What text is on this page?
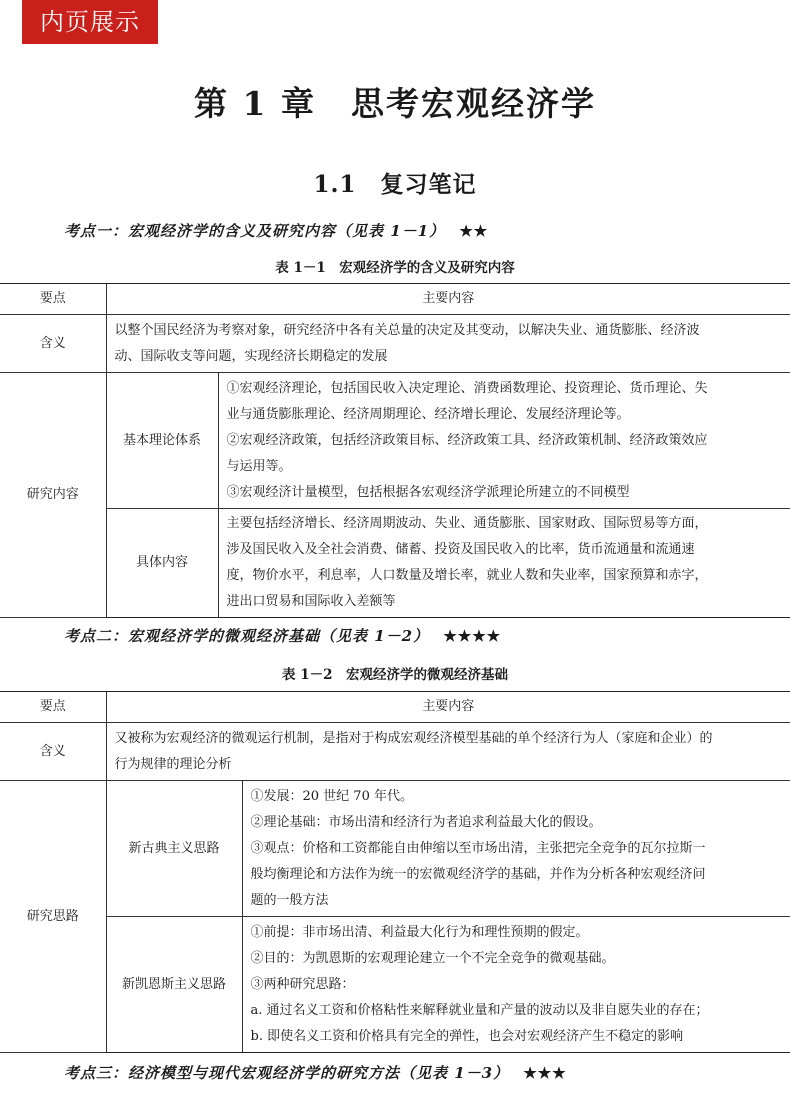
内页展示
第 1 章　思考宏观经济学
1.1　复习笔记
考点一：宏观经济学的含义及研究内容（见表 1－1） ★★
表 1－1　宏观经济学的含义及研究内容
要点	主要内容	
含义	以整个国民经济为考察对象，研究经济中各有关总量的决定及其变动，以解决失业、通货膨胀、经济波
动、国际收支等问题，实现经济长期稳定的发展	

研究内容	基本理论体系	①宏观经济理论，包括国民收入决定理论、消费函数理论、投资理论、货币理论、失
业与通货膨胀理论、经济周期理论、经济增长理论、发展经济理论等。
②宏观经济政策，包括经济政策目标、经济政策工具、经济政策机制、经济政策效应
与运用等。
③宏观经济计量模型，包括根据各宏观经济学派理论所建立的不同模型

	具体内容	主要包括经济增长、经济周期波动、失业、通货膨胀、国家财政、国际贸易等方面，
涉及国民收入及全社会消费、储蓄、投资及国民收入的比率，货币流通量和流通速
度，物价水平，利息率，人口数量及增长率，就业人数和失业率，国家预算和赤字，
进出口贸易和国际收入差额等
考点二：宏观经济学的微观经济基础（见表 1－2） ★★★★
表 1－2　宏观经济学的微观经济基础
要点	主要内容	
含义	又被称为宏观经济的微观运行机制，是指对于构成宏观经济模型基础的单个经济行为人（家庭和企业）的
行为规律的理论分析	

研究思路	新古典主义思路	①发展：20 世纪 70 年代。
②理论基础：市场出清和经济行为者追求利益最大化的假设。
③观点：价格和工资都能自由伸缩以至市场出清，主张把完全竞争的瓦尔拉斯一
般均衡理论和方法作为统一的宏微观经济学的基础，并作为分析各种宏观经济问
题的一般方法

	新凯恩斯主义思路	①前提：非市场出清、利益最大化行为和理性预期的假定。
②目的：为凯恩斯的宏观理论建立一个不完全竞争的微观基础。
③两种研究思路：
a. 通过名义工资和价格粘性来解释就业量和产量的波动以及非自愿失业的存在；
b. 即使名义工资和价格具有完全的弹性，也会对宏观经济产生不稳定的影响
考点三：经济模型与现代宏观经济学的研究方法（见表 1－3） ★★★
